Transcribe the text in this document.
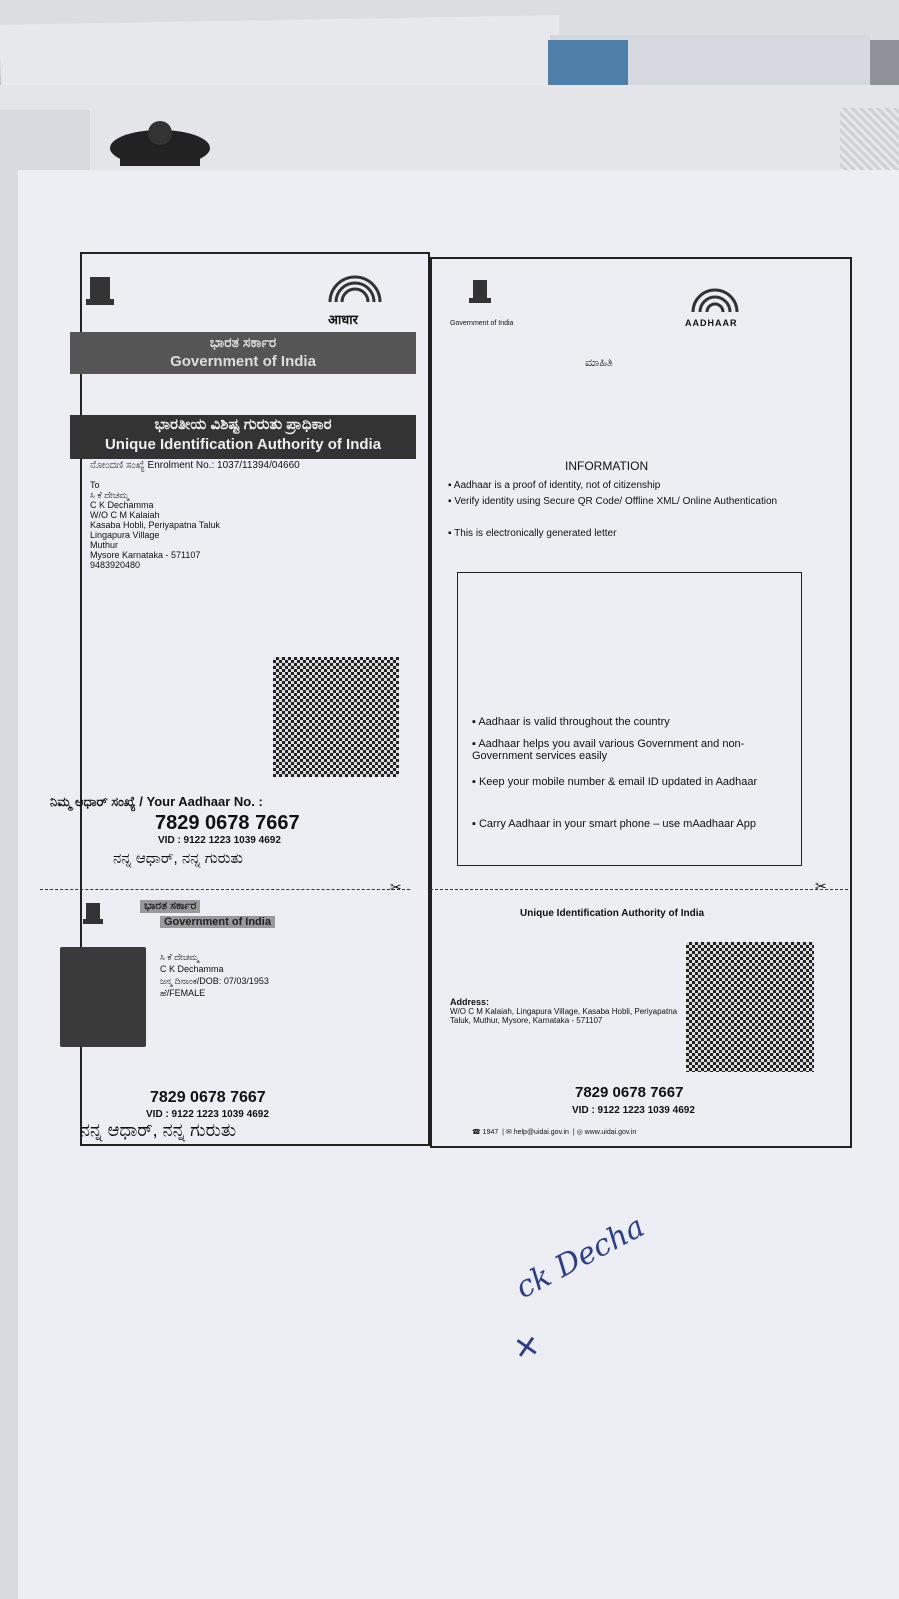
आधार
ಭಾರತ ಸರ್ಕಾರ
Government of India
ಭಾರತೀಯ ವಿಶಿಷ್ಟ ಗುರುತು ಪ್ರಾಧಿಕಾರ
Unique Identification Authority of India
ನೋಂದಣಿ ಸಂಖ್ಯೆ Enrolment No.: 1037/11394/04660
To
ಸಿ ಕೆ ದೇಚಮ್ಮ
C K Dechamma
W/O C M Kalaiah
Kasaba Hobli, Periyapatna Taluk
Lingapura Village
Muthur
Mysore Karnataka - 571107
9483920480
ನಿಮ್ಮ ಆಧಾರ್ ಸಂಖ್ಯೆ / Your Aadhaar No. :
7829 0678 7667
VID : 9122 1223 1039 4692
ನನ್ನ ಆಧಾರ್, ನನ್ನ ಗುರುತು
✂
ಭಾರತ ಸರ್ಕಾರ
Government of India
ಸಿ ಕೆ ದೇಚಮ್ಮ
C K Dechamma
ಜನ್ಮ ದಿನಾಂಕ/DOB: 07/03/1953
ಹೆ/FEMALE
7829 0678 7667
VID : 9122 1223 1039 4692
ನನ್ನ ಆಧಾರ್, ನನ್ನ ಗುರುತು
Government of India	AADHAAR
ಮಾಹಿತಿ
INFORMATION
▪ Aadhaar is a proof of identity, not of citizenship
▪ Verify identity using Secure QR Code/ Offline XML/ Online Authentication
▪ This is electronically generated letter
▪ Aadhaar is valid throughout the country
▪ Aadhaar helps you avail various Government and non-Government services easily
▪ Keep your mobile number & email ID updated in Aadhaar
▪ Carry Aadhaar in your smart phone – use mAadhaar App
✂
Unique Identification Authority of India
Address:
W/O C M Kalaiah, Lingapura Village, Kasaba Hobli, Periyapatna Taluk, Muthur, Mysore, Karnataka - 571107
7829 0678 7667
VID : 9122 1223 1039 4692
☎ 1947  | ✉ help@uidai.gov.in  | ◎ www.uidai.gov.in
ck Decha
×
